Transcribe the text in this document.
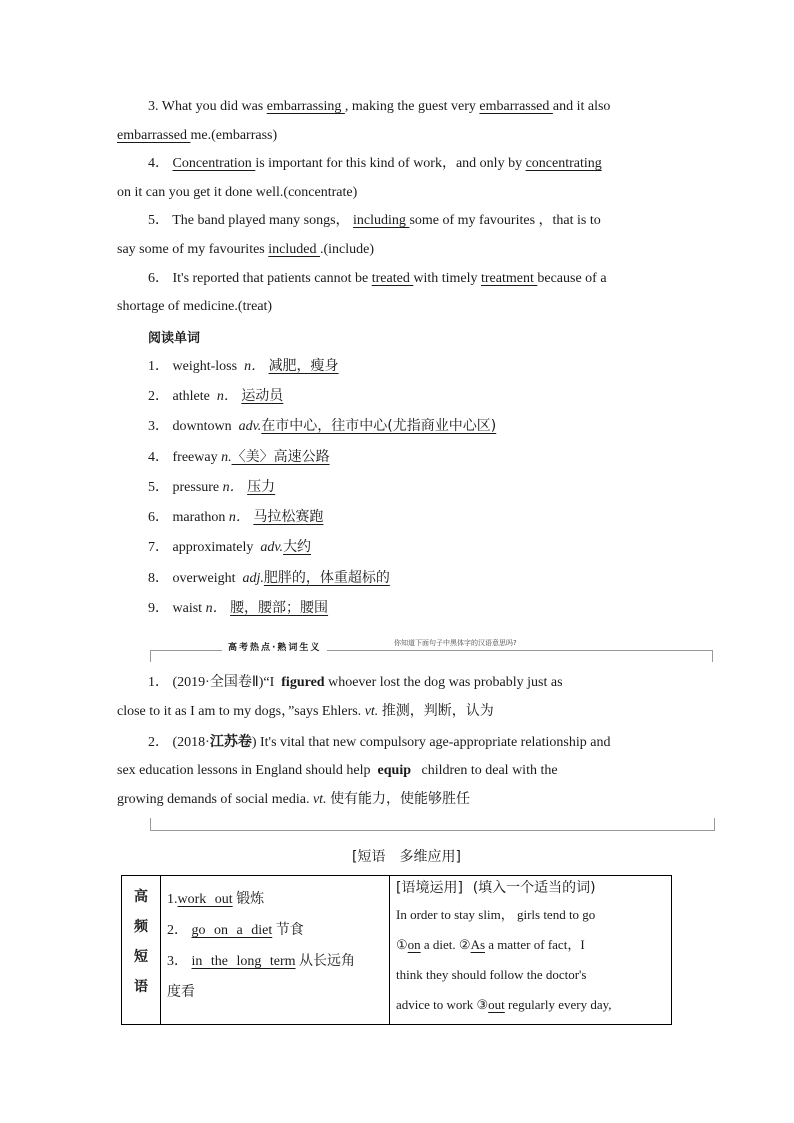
3. What you did was embarrassing , making the guest very embarrassed and it also
embarrassed me.(embarrass)
4． Concentration is important for this kind of work，and only by concentrating
on it can you get it done well.(concentrate)
5． The band played many songs， including some of my favourites ，that is to
say some of my favourites included .(include)
6． It's reported that patients cannot be treated with timely treatment because of a
shortage of medicine.(treat)
阅读单词
1． weight-loss n． 减肥，瘦身
2． athlete n． 运动员
3． downtown adv.在市中心，往市中心(尤指商业中心区)
4． freeway n.〈美〉高速公路
5． pressure n． 压力
6． marathon n． 马拉松赛跑
7． approximately adv.大约
8． overweight adj.肥胖的，体重超标的
9． waist n． 腰，腰部；腰围
高考热点·熟词生义	你知道下面句子中黑体字的汉语意思吗?
1． (2019·全国卷Ⅱ)“I figured whoever lost the dog was probably just as
close to it as I am to my dogs，”says Ehlers. vt. 推测，判断，认为
2． (2018·江苏卷) It's vital that new compulsory age-appropriate relationship and
sex education lessons in England should help equip children to deal with the
growing demands of social media. vt. 使有能力，使能够胜任
[短语　多维应用]
高
频
短
语

1.work out 锻炼
2． go on a diet 节食
3． in the long term 从长远角
度看

[语境运用] (填入一个适当的词)
In order to stay slim， girls tend to go
①on a diet. ②As a matter of fact，I
think they should follow the doctor's
advice to work ③out regularly every day,
